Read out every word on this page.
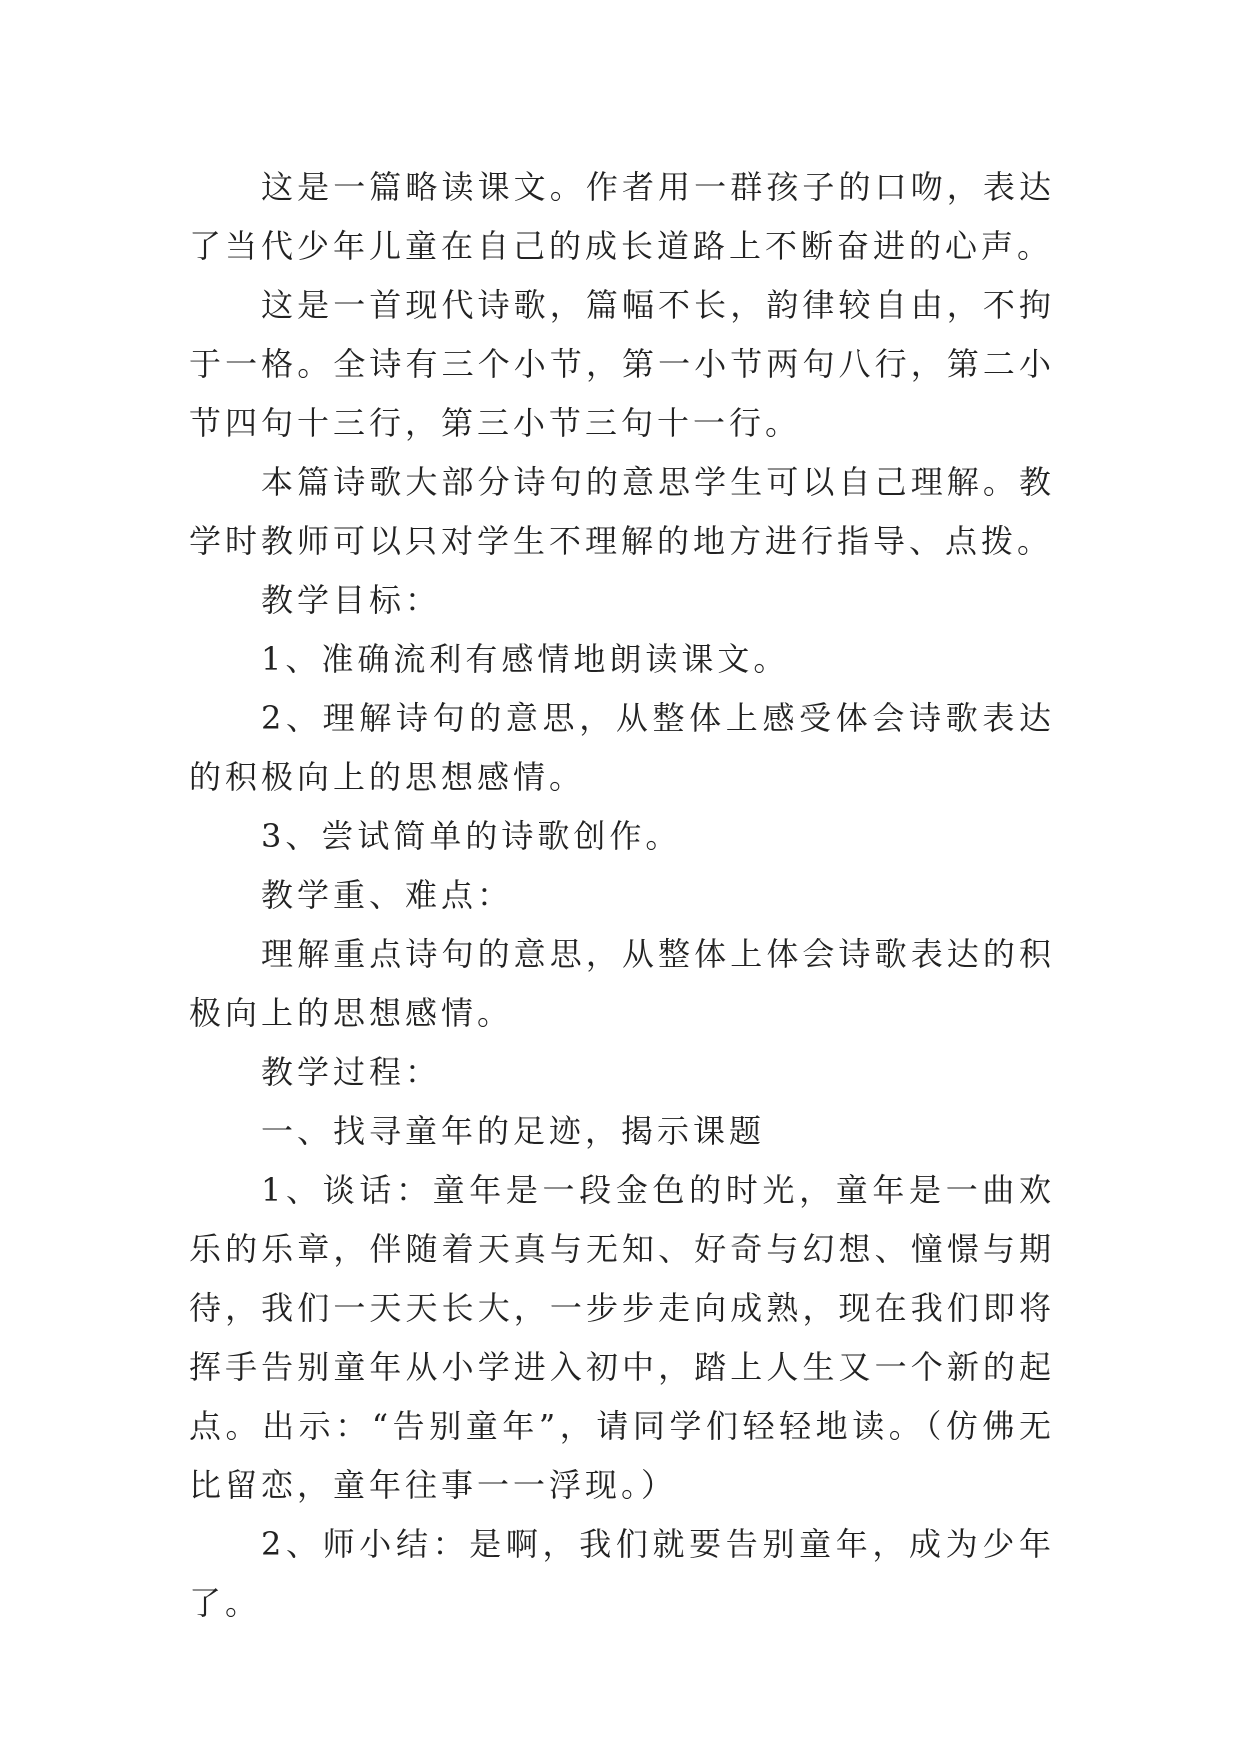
这是一篇略读课文。作者用一群孩子的口吻，表达了当代少年儿童在自己的成长道路上不断奋进的心声。

这是一首现代诗歌，篇幅不长，韵律较自由，不拘于一格。全诗有三个小节，第一小节两句八行，第二小节四句十三行，第三小节三句十一行。

本篇诗歌大部分诗句的意思学生可以自己理解。教学时教师可以只对学生不理解的地方进行指导、点拨。

教学目标：

1、准确流利有感情地朗读课文。

2、理解诗句的意思，从整体上感受体会诗歌表达的积极向上的思想感情。

3、尝试简单的诗歌创作。

教学重、难点：

理解重点诗句的意思，从整体上体会诗歌表达的积极向上的思想感情。

教学过程：

一、找寻童年的足迹，揭示课题

1、谈话：童年是一段金色的时光，童年是一曲欢乐的乐章，伴随着天真与无知、好奇与幻想、憧憬与期待，我们一天天长大，一步步走向成熟，现在我们即将挥手告别童年从小学进入初中，踏上人生又一个新的起点。出示：“告别童年”，请同学们轻轻地读。（仿佛无比留恋，童年往事一一浮现。）

2、师小结：是啊，我们就要告别童年，成为少年了。
